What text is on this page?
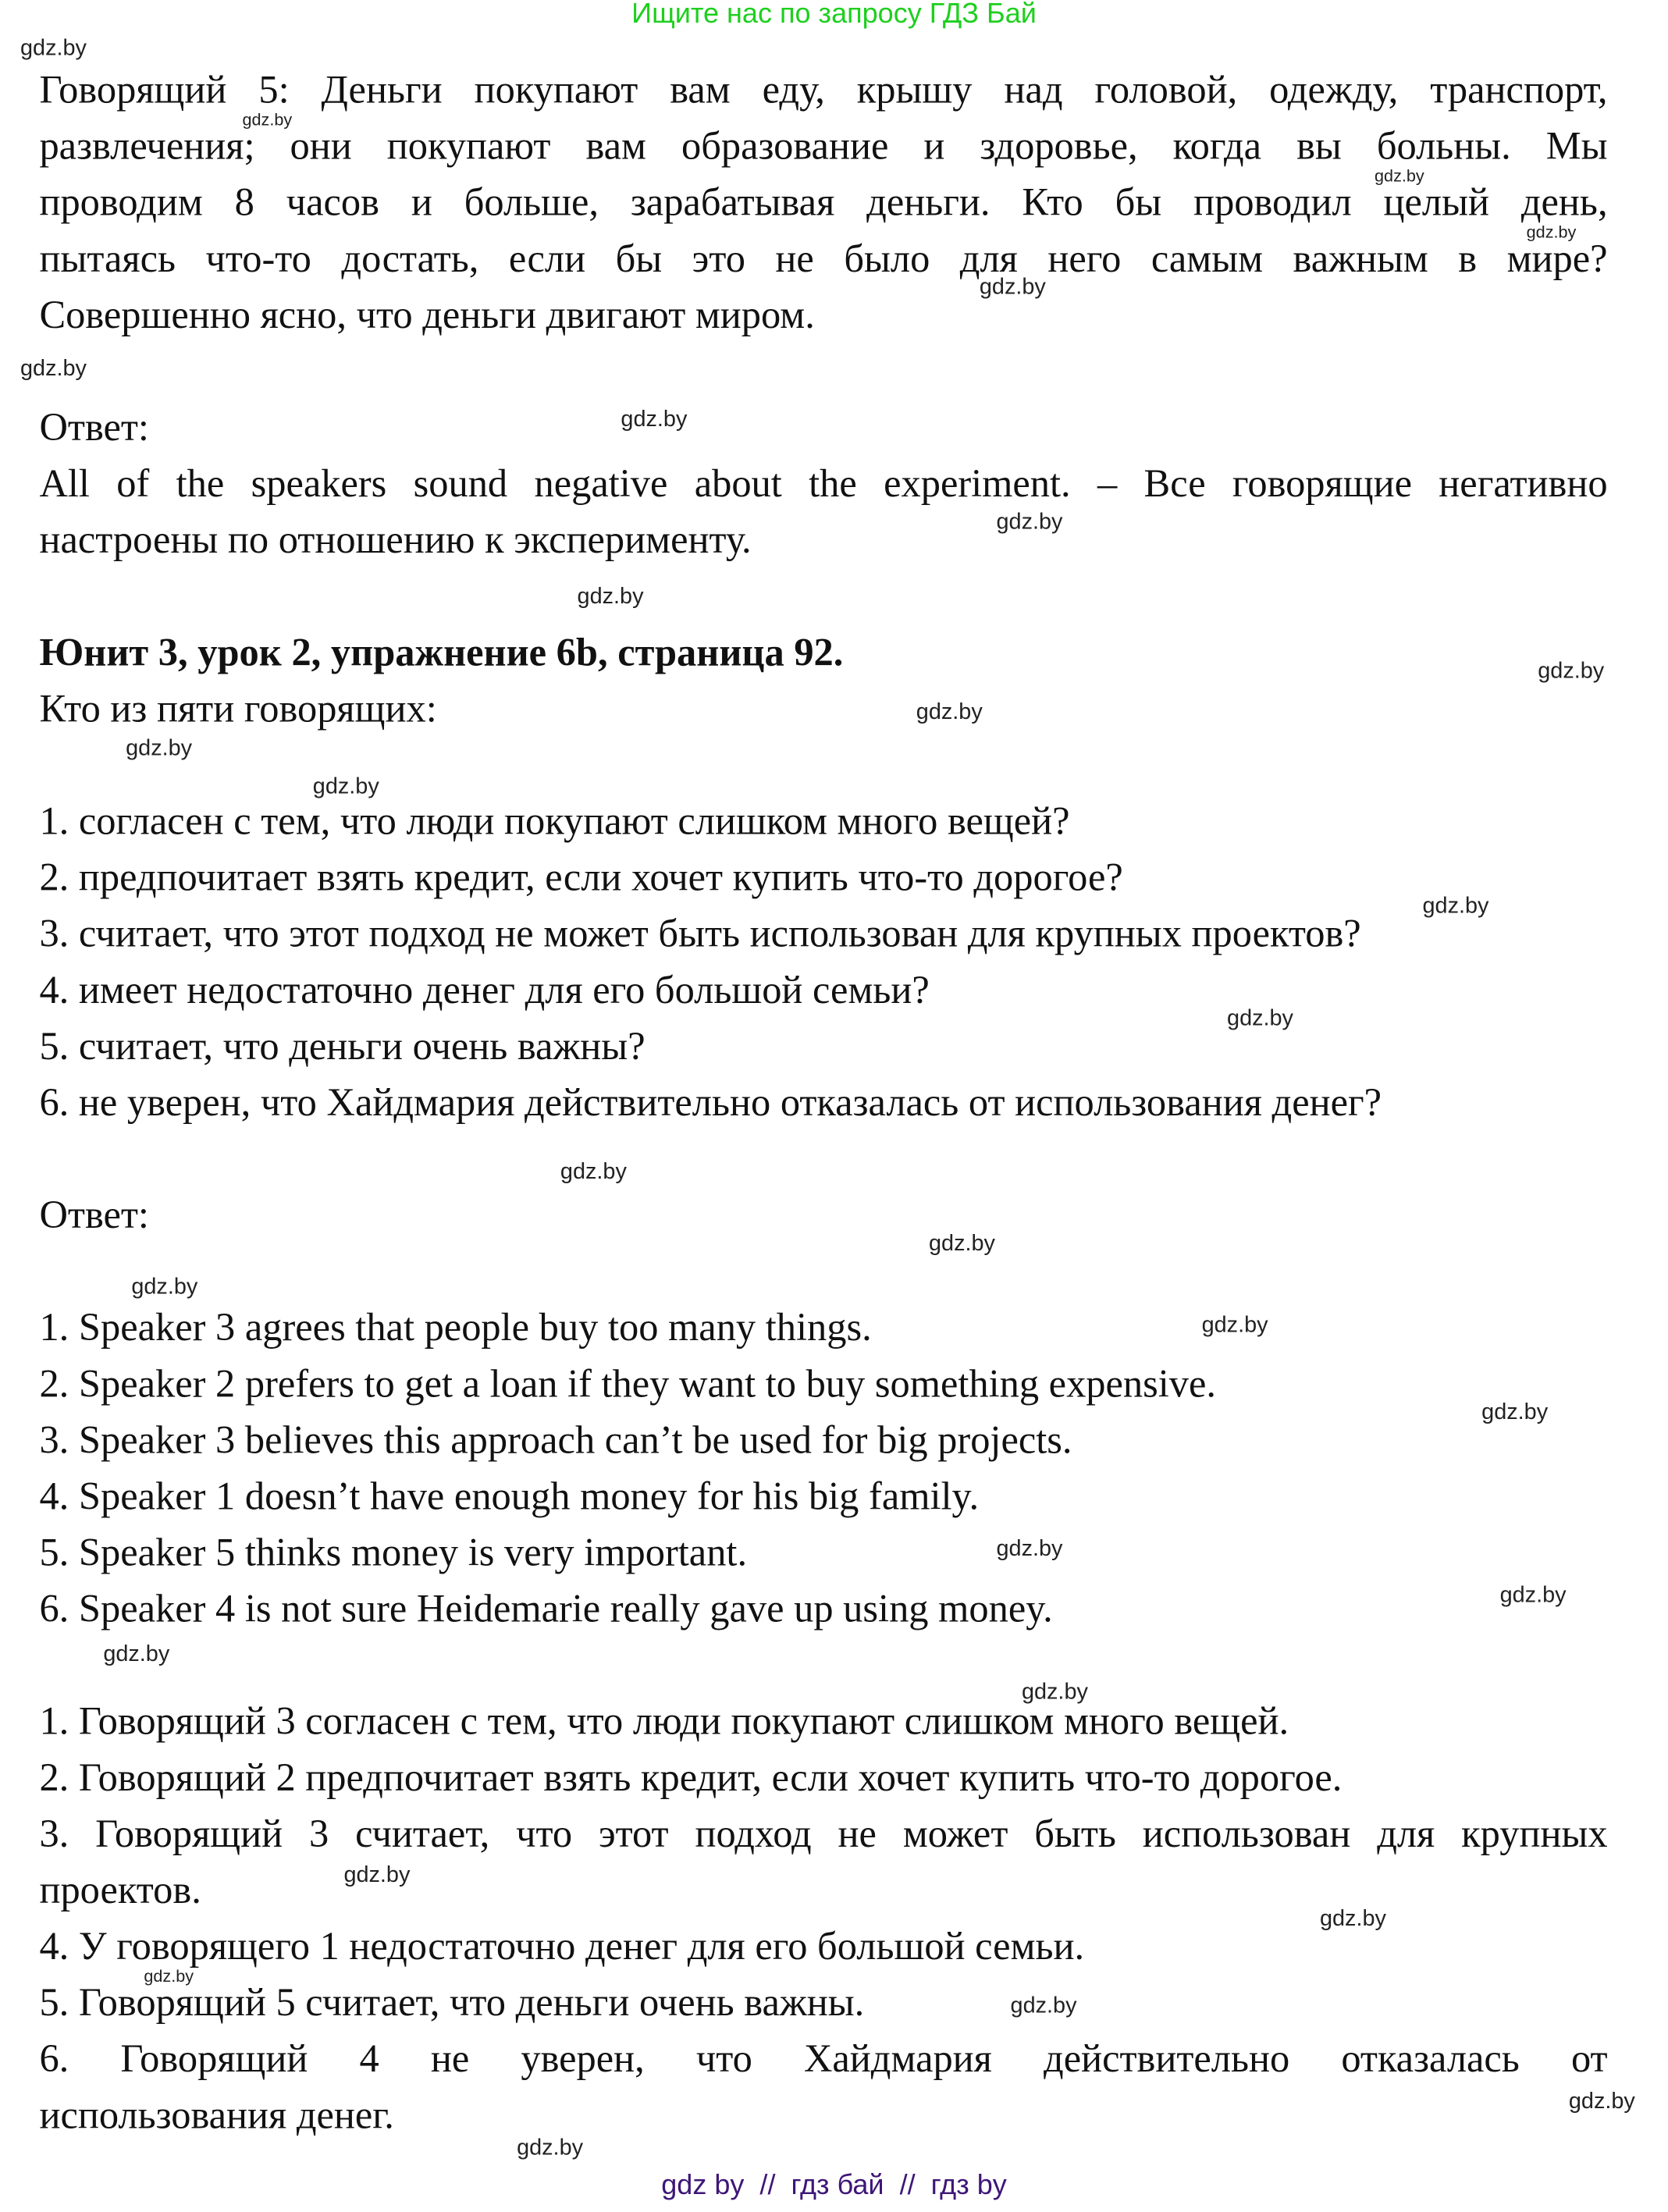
Ищите нас по запросу ГДЗ Бай
Говорящий 5: Деньги покупают вам еду, крышу над головой, одежду, транспорт,
развлечения; они покупают вам образование и здоровье, когда вы больны. Мы
проводим 8 часов и больше, зарабатывая деньги. Кто бы проводил целый день,
пытаясь что-то достать, если бы это не было для него самым важным в мире?
Совершенно ясно, что деньги двигают миром.
Ответ:
All of the speakers sound negative about the experiment. – Все говорящие негативно
настроены по отношению к эксперименту.
Юнит 3, урок 2, упражнение 6b, страница 92.
Кто из пяти говорящих:
1. согласен с тем, что люди покупают слишком много вещей?
2. предпочитает взять кредит, если хочет купить что-то дорогое?
3. считает, что этот подход не может быть использован для крупных проектов?
4. имеет недостаточно денег для его большой семьи?
5. считает, что деньги очень важны?
6. не уверен, что Хайдмария действительно отказалась от использования денег?
Ответ:
1. Speaker 3 agrees that people buy too many things.
2. Speaker 2 prefers to get a loan if they want to buy something expensive.
3. Speaker 3 believes this approach can’t be used for big projects.
4. Speaker 1 doesn’t have enough money for his big family.
5. Speaker 5 thinks money is very important.
6. Speaker 4 is not sure Heidemarie really gave up using money.
1. Говорящий 3 согласен с тем, что люди покупают слишком много вещей.
2. Говорящий 2 предпочитает взять кредит, если хочет купить что-то дорогое.
3. Говорящий 3 считает, что этот подход не может быть использован для крупных
проектов.
4. У говорящего 1 недостаточно денег для его большой семьи.
5. Говорящий 5 считает, что деньги очень важны.
6. Говорящий 4 не уверен, что Хайдмария действительно отказалась от
использования денег.
gdz.by
gdz.by
gdz.by
gdz.by
gdz.by
gdz.by
gdz.by
gdz.by
gdz.by
gdz.by
gdz.by
gdz.by
gdz.by
gdz.by
gdz.by
gdz.by
gdz.by
gdz.by
gdz.by
gdz.by
gdz.by
gdz.by
gdz.by
gdz.by
gdz.by
gdz.by
gdz.by
gdz.by
gdz.by
gdz.by
gdz by  //  гдз бай  //  гдз by
